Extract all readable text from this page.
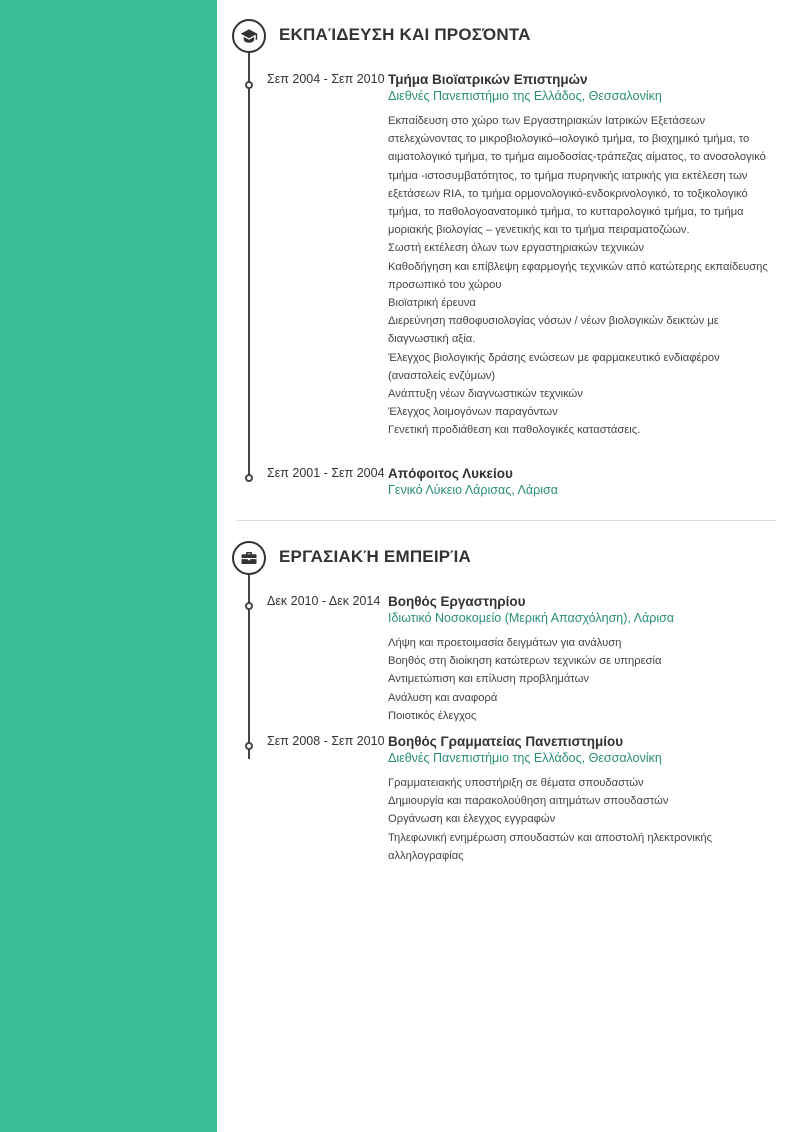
ΕΚΠΑΊΔΕΥΣΗ ΚΑΙ ΠΡΟΣΌΝΤΑ
Σεπ 2004 - Σεπ 2010 Τμήμα Βιοϊατρικών Επιστημών
Διεθνές Πανεπιστήμιο της Ελλάδος, Θεσσαλονίκη

Εκπαίδευση στο χώρο των Εργαστηριακών Ιατρικών Εξετάσεων στελεχώνοντας το μικροβιολογικό–ιολογικό τμήμα, το βιοχημικό τμήμα, το αιματολογικό τμήμα, το τμήμα αιμοδοσίας-τράπεζας αίματος, το ανοσολογικό τμήμα -ιστοσυμβατότητος, το τμήμα πυρηνικής ιατρικής για εκτέλεση των εξετάσεων RIA, το τμήμα ορμονολογικό-ενδοκρινολογικό, το τοξικολογικό τμήμα, το παθολογοανατομικό τμήμα, το κυτταρολογικό τμήμα, το τμήμα μοριακής βιολογίας – γενετικής και το τμήμα πειραματοζώων.

Σωστή εκτέλεση όλων των εργαστηριακών τεχνικών

Καθοδήγηση και επίβλεψη εφαρμογής τεχνικών από κατώτερης εκπαίδευσης προσωπικό του χώρου

Βιοϊατρική έρευνα

Διερεύνηση παθοφυσιολογίας νόσων / νέων βιολογικών δεικτών με διαγνωστική αξία.

Έλεγχος βιολογικής δράσης ενώσεων με φαρμακευτικό ενδιαφέρον (αναστολείς ενζύμων)

Ανάπτυξη νέων διαγνωστικών τεχνικών

Έλεγχος λοιμογόνων παραγόντων

Γενετική προδιάθεση και παθολογικές καταστάσεις.

Σεπ 2001 - Σεπ 2004 Απόφοιτος Λυκείου
Γενικό Λύκειο Λάρισας, Λάρισα
ΕΡΓΑΣΙΑΚΉ ΕΜΠΕΙΡΊΑ
Δεκ 2010 - Δεκ 2014 Βοηθός Εργαστηρίου
Ιδιωτικό Νοσοκομείο (Μερική Απασχόληση), Λάρισα

Λήψη και προετοιμασία δειγμάτων για ανάλυση

Βοηθός στη διοίκηση κατώτερων τεχνικών σε υπηρεσία

Αντιμετώπιση και επίλυση προβλημάτων

Ανάλυση και αναφορά

Ποιοτικός έλεγχος

Σεπ 2008 - Σεπ 2010 Βοηθός Γραμματείας Πανεπιστημίου
Διεθνές Πανεπιστήμιο της Ελλάδος, Θεσσαλονίκη

Γραμματειακής υποστήριξη σε θέματα σπουδαστών

Δημιουργία και παρακολούθηση αιτημάτων σπουδαστών

Οργάνωση και έλεγχος εγγραφών

Τηλεφωνική ενημέρωση σπουδαστών και αποστολή ηλεκτρονικής αλληλογραφίας
